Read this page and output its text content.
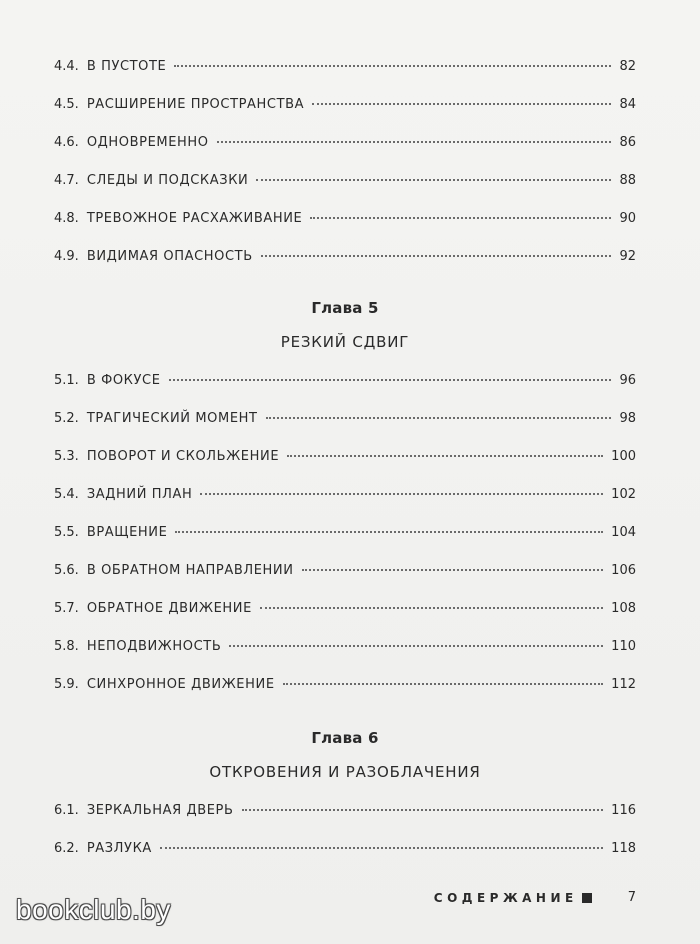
4.4. В ПУСТОТЕ	82
4.5. РАСШИРЕНИЕ ПРОСТРАНСТВА	84
4.6. ОДНОВРЕМЕННО	86
4.7. СЛЕДЫ И ПОДСКАЗКИ	88
4.8. ТРЕВОЖНОЕ РАСХАЖИВАНИЕ	90
4.9. ВИДИМАЯ ОПАСНОСТЬ	92
Глава 5
РЕЗКИЙ СДВИГ
5.1. В ФОКУСЕ	96
5.2. ТРАГИЧЕСКИЙ МОМЕНТ	98
5.3. ПОВОРОТ И СКОЛЬЖЕНИЕ	100
5.4. ЗАДНИЙ ПЛАН	102
5.5. ВРАЩЕНИЕ	104
5.6. В ОБРАТНОМ НАПРАВЛЕНИИ	106
5.7. ОБРАТНОЕ ДВИЖЕНИЕ	108
5.8. НЕПОДВИЖНОСТЬ	110
5.9. СИНХРОННОЕ ДВИЖЕНИЕ	112
Глава 6
ОТКРОВЕНИЯ И РАЗОБЛАЧЕНИЯ
6.1. ЗЕРКАЛЬНАЯ ДВЕРЬ	116
6.2. РАЗЛУКА	118
СОДЕРЖАНИЕ	7
bookclub.by
